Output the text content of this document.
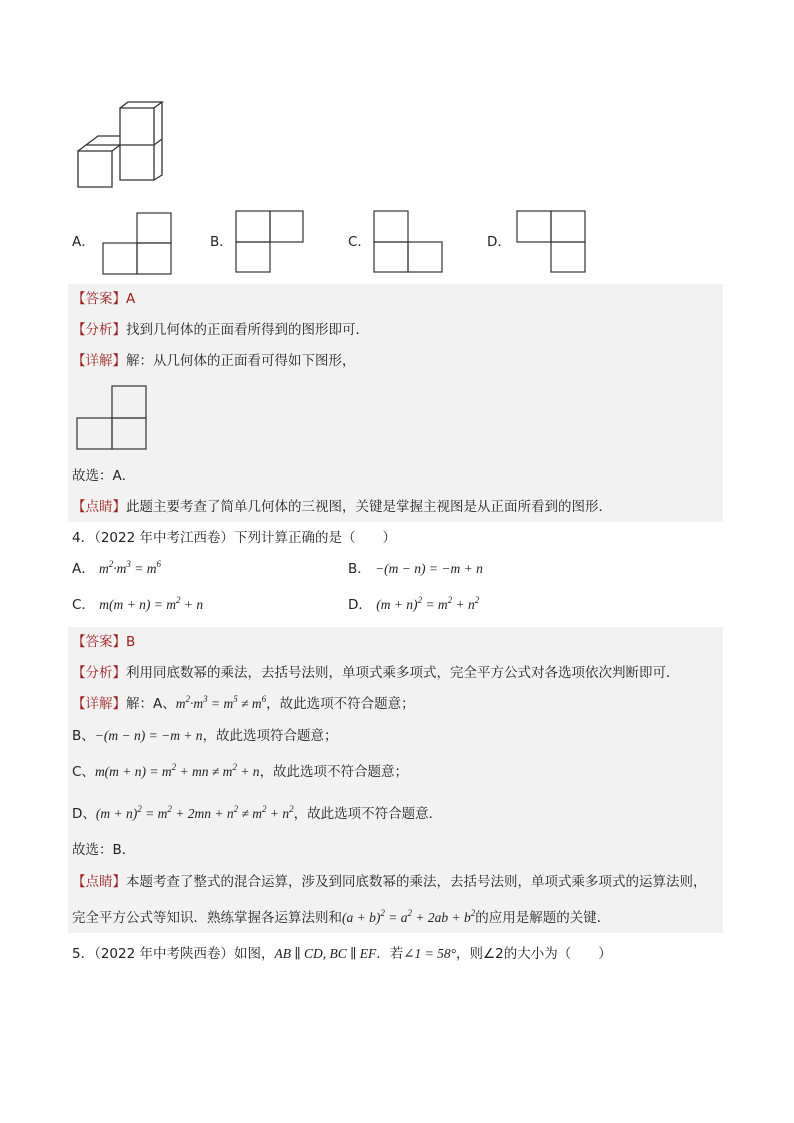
A．	B．	C．	D．
【答案】A
【分析】找到几何体的正面看所得到的图形即可．
【详解】解：从几何体的正面看可得如下图形，
故选：A．
【点睛】此题主要考查了简单几何体的三视图，关键是掌握主视图是从正面所看到的图形．
4．（2022 年中考江西卷）下列计算正确的是（　　）
A． $m^2\cdot m^3 = m^6$	B． −(m − n) = −m + n
C． $m(m + n) = m^2 + n$	D． $(m + n)^2 = m^2 + n^2$
【答案】B
【分析】利用同底数幂的乘法，去括号法则，单项式乘多项式，完全平方公式对各选项依次判断即可．
【详解】解：A、$m^2\cdot m^3 = m^5 \ne m^6$，故此选项不符合题意；
B、−(m − n) = −m + n，故此选项符合题意；
C、$m(m + n) = m^2$ + mn ≠ $m^2 + n$，故此选项不符合题意；
D、$(m + n)^2 = m^2 + 2mn + n^2 \ne m^2 + n^2$，故此选项不符合题意．
故选：B．
【点睛】本题考查了整式的混合运算，涉及到同底数幂的乘法，去括号法则，单项式乘多项式的运算法则，
完全平方公式等知识．熟练掌握各运算法则和$(a + b)^2 = a^2 + 2ab + b^2$的应用是解题的关键．
5．（2022 年中考陕西卷）如图，AB ∥ CD, BC ∥ EF．若∠1 = 58°，则∠2的大小为（　　）
